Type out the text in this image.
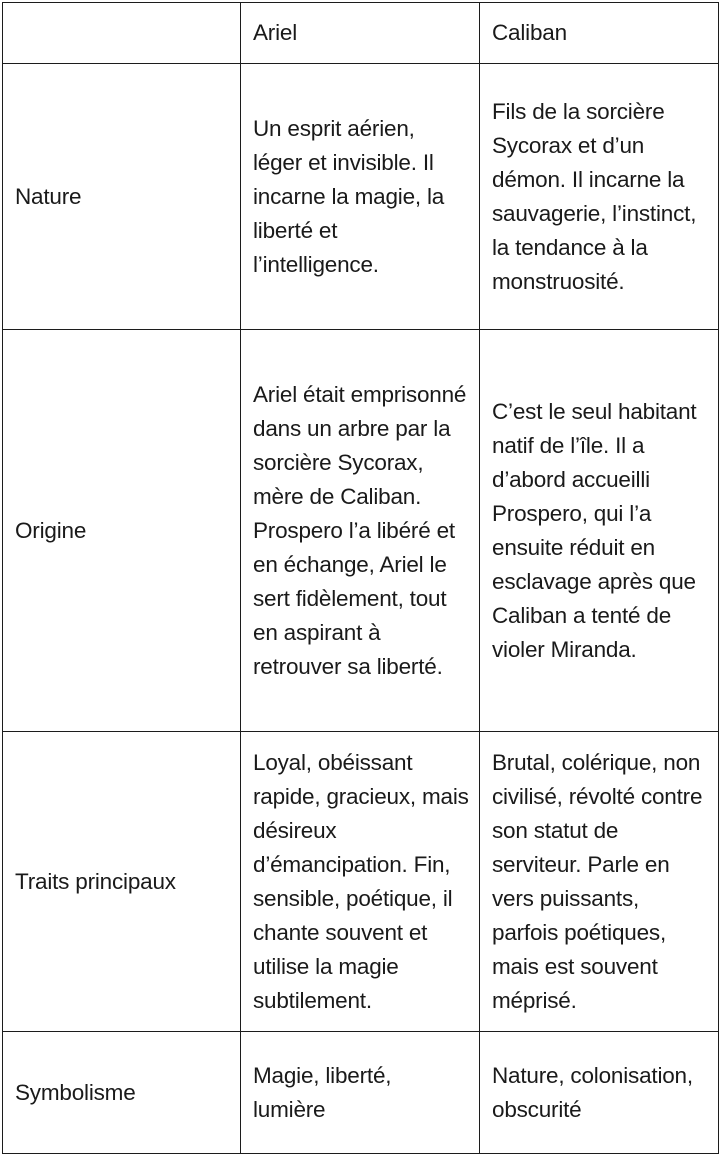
	Ariel	Caliban
Nature	Un esprit aérien, léger et invisible. Il incarne la magie, la liberté et l’intelligence.	Fils de la sorcière Sycorax et d’un démon. Il incarne la sauvagerie, l’instinct, la tendance à la monstruosité.
Origine	Ariel était emprisonné dans un arbre par la sorcière Sycorax, mère de Caliban. Prospero l’a libéré et en échange, Ariel le sert fidèlement, tout en aspirant à retrouver sa liberté.	C’est le seul habitant natif de l’île. Il a d’abord accueilli Prospero, qui l’a ensuite réduit en esclavage après que Caliban a tenté de violer Miranda.
Traits principaux	Loyal, obéissant rapide, gracieux, mais désireux d’émancipation. Fin, sensible, poétique, il chante souvent et utilise la magie subtilement.	Brutal, colérique, non civilisé, révolté contre son statut de serviteur. Parle en vers puissants, parfois poétiques, mais est souvent méprisé.
Symbolisme	Magie, liberté, lumière	Nature, colonisation, obscurité
